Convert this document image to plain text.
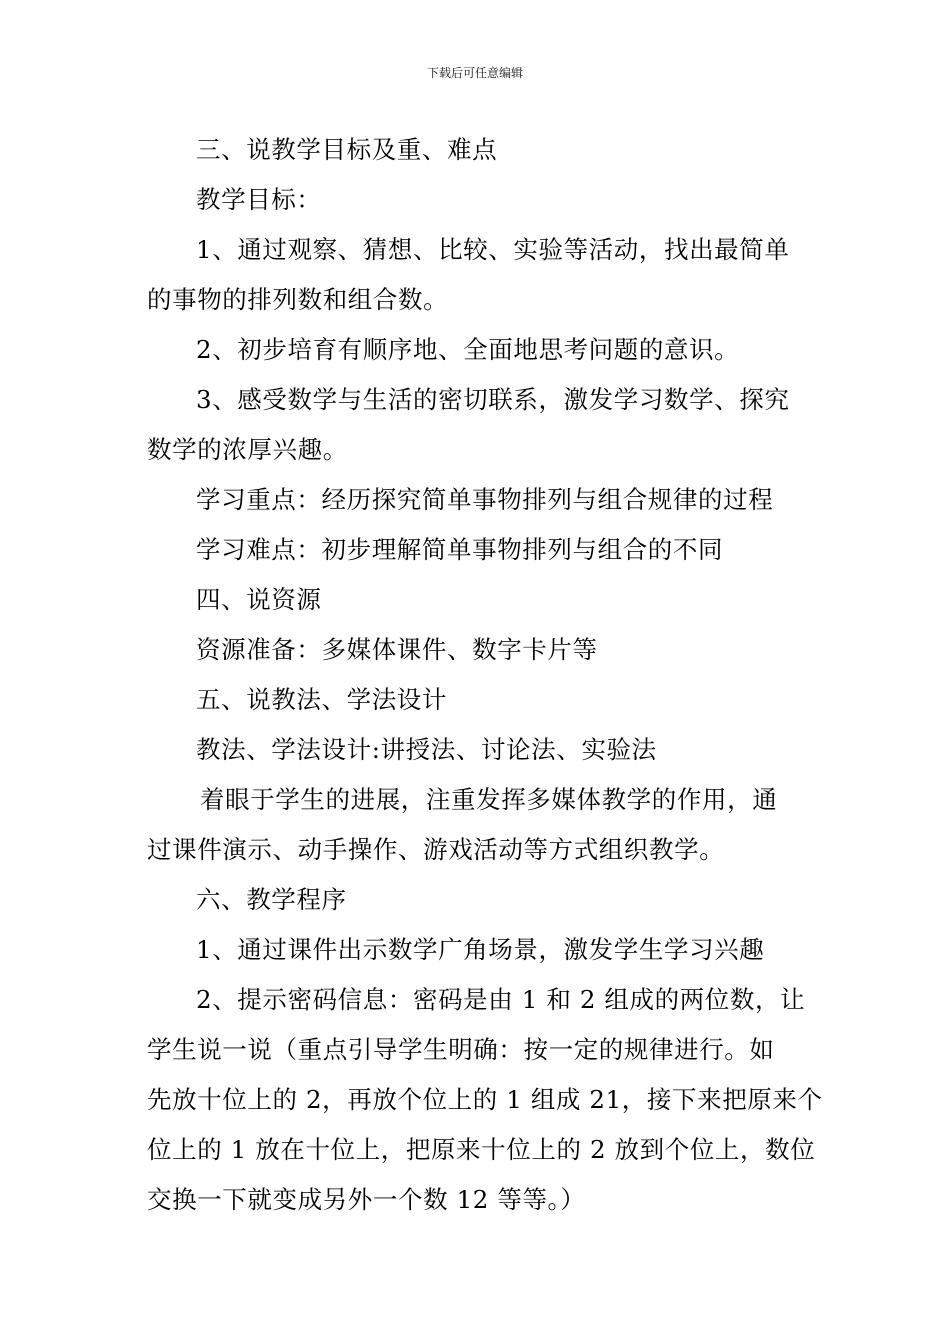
下载后可任意编辑
三、说教学目标及重、难点
教学目标：
1、通过观察、猜想、比较、实验等活动，找出最简单
的事物的排列数和组合数。
2、初步培育有顺序地、全面地思考问题的意识。
3、感受数学与生活的密切联系，激发学习数学、探究
数学的浓厚兴趣。
学习重点：经历探究简单事物排列与组合规律的过程
学习难点：初步理解简单事物排列与组合的不同
四、说资源
资源准备：多媒体课件、数字卡片等
五、说教法、学法设计
教法、学法设计:讲授法、讨论法、实验法
着眼于学生的进展，注重发挥多媒体教学的作用，通
过课件演示、动手操作、游戏活动等方式组织教学。
六、教学程序
1、通过课件出示数学广角场景，激发学生学习兴趣
2、提示密码信息：密码是由 1 和 2 组成的两位数，让
学生说一说（重点引导学生明确：按一定的规律进行。如
先放十位上的 2，再放个位上的 1 组成 21，接下来把原来个
位上的 1 放在十位上，把原来十位上的 2 放到个位上，数位
交换一下就变成另外一个数 12 等等。）
